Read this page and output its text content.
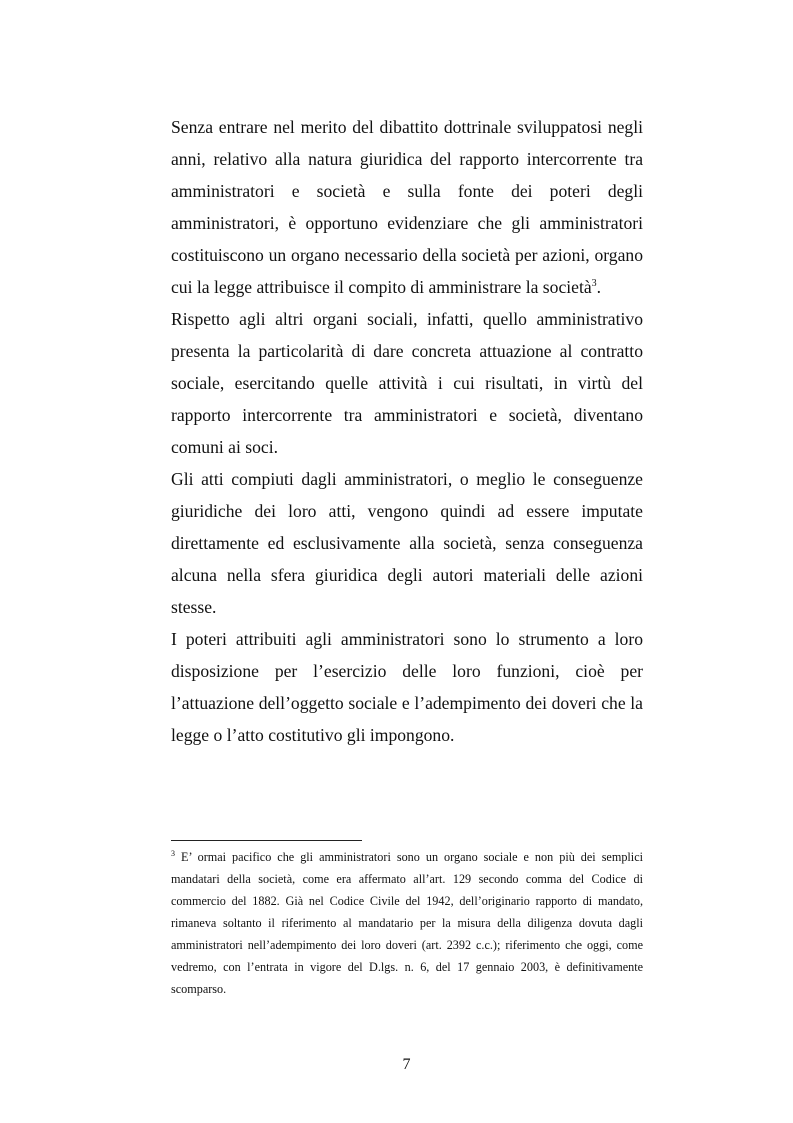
Senza entrare nel merito del dibattito dottrinale sviluppatosi negli anni, relativo alla natura giuridica del rapporto intercorrente tra amministratori e società e sulla fonte dei poteri degli amministratori, è opportuno evidenziare che gli amministratori costituiscono un organo necessario della società per azioni, organo cui la legge attribuisce il compito di amministrare la società$^3$.

Rispetto agli altri organi sociali, infatti, quello amministrativo presenta la particolarità di dare concreta attuazione al contratto sociale, esercitando quelle attività i cui risultati, in virtù del rapporto intercorrente tra amministratori e società, diventano comuni ai soci.

Gli atti compiuti dagli amministratori, o meglio le conseguenze giuridiche dei loro atti, vengono quindi ad essere imputate direttamente ed esclusivamente alla società, senza conseguenza alcuna nella sfera giuridica degli autori materiali delle azioni stesse.

I poteri attribuiti agli amministratori sono lo strumento a loro disposizione per l’esercizio delle loro funzioni, cioè per l’attuazione dell’oggetto sociale e l’adempimento dei doveri che la legge o l’atto costitutivo gli impongono.

$^3$ E’ ormai pacifico che gli amministratori sono un organo sociale e non più dei semplici mandatari della società, come era affermato all’art. 129 secondo comma del Codice di commercio del 1882. Già nel Codice Civile del 1942, dell’originario rapporto di mandato, rimaneva soltanto il riferimento al mandatario per la misura della diligenza dovuta dagli amministratori nell’adempimento dei loro doveri (art. 2392 c.c.); riferimento che oggi, come vedremo, con l’entrata in vigore del D.lgs. n. 6, del 17 gennaio 2003, è definitivamente scomparso.

7
